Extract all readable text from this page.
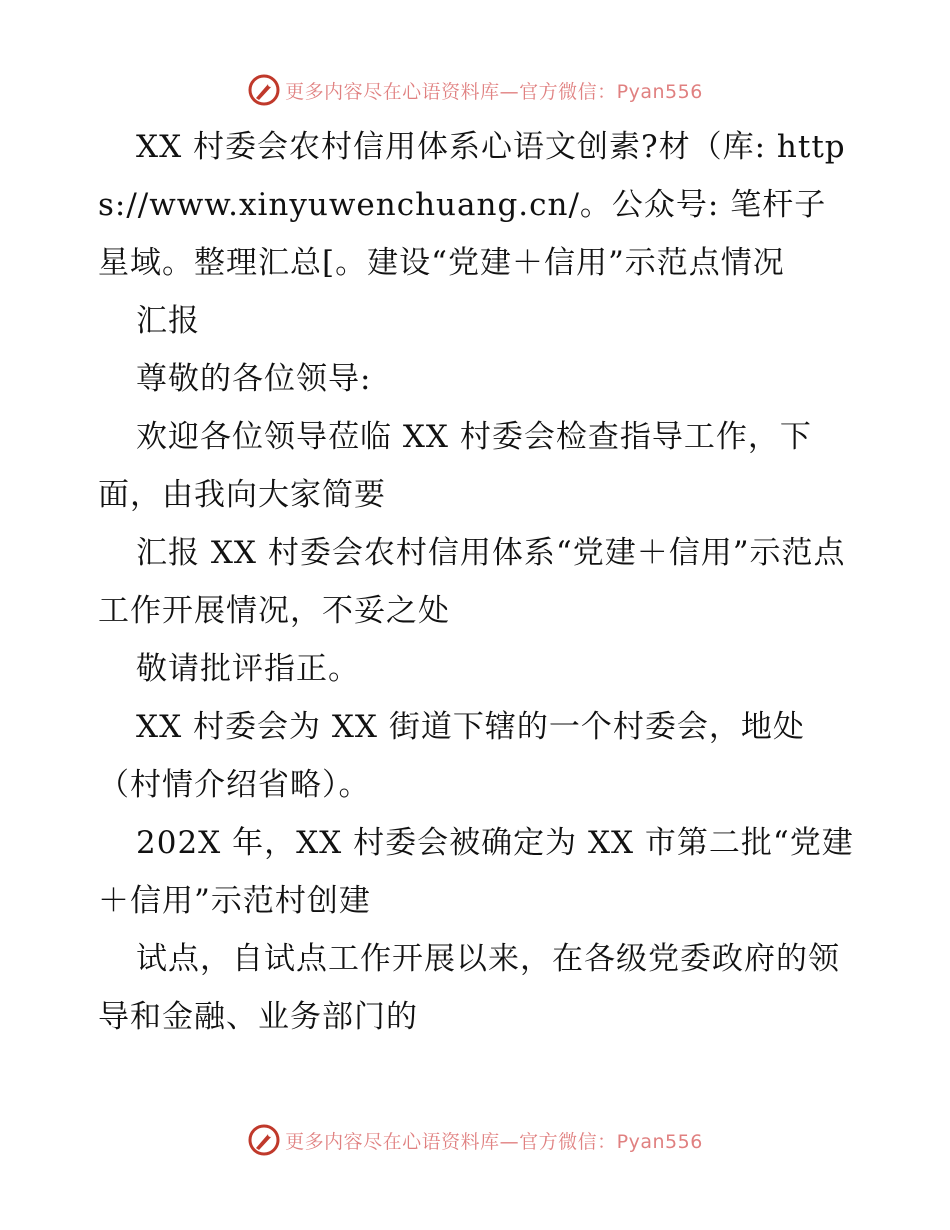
更多内容尽在心语资料库—官方微信：Pyan556

XX 村委会农村信用体系心语文创素?材（库: https://www.xinyuwenchuang.cn/。公众号: 笔杆子星域。整理汇总[。建设“党建＋信用”示范点情况

汇报

尊敬的各位领导:

欢迎各位领导莅临 XX 村委会检查指导工作，下面，由我向大家简要

汇报 XX 村委会农村信用体系“党建＋信用”示范点工作开展情况，不妥之处

敬请批评指正。

XX 村委会为 XX 街道下辖的一个村委会，地处（村情介绍省略）。

202X 年，XX 村委会被确定为 XX 市第二批“党建＋信用”示范村创建

试点，自试点工作开展以来，在各级党委政府的领导和金融、业务部门的

更多内容尽在心语资料库—官方微信：Pyan556
